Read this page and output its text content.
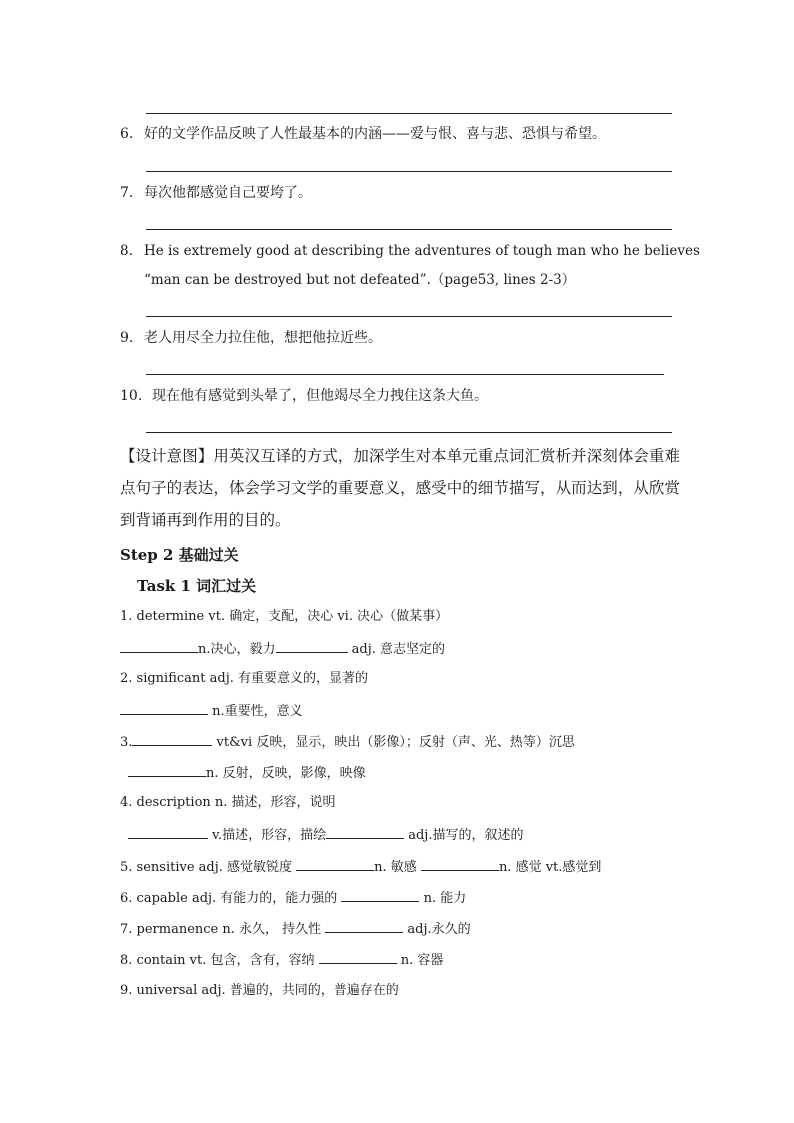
6. 好的文学作品反映了人性最基本的内涵——爱与恨、喜与悲、恐惧与希望。
7. 每次他都感觉自己要垮了。
8. He is extremely good at describing the adventures of tough man who he believes
“man can be destroyed but not defeated”.（page53, lines 2-3）
9. 老人用尽全力拉住他，想把他拉近些。
10. 现在他有感觉到头晕了，但他竭尽全力拽住这条大鱼。
【设计意图】用英汉互译的方式，加深学生对本单元重点词汇赏析并深刻体会重难点句子的表达，体会学习文学的重要意义，感受中的细节描写，从而达到，从欣赏到背诵再到作用的目的。
Step 2 基础过关
Task 1 词汇过关
1. determine vt. 确定，支配，决心 vi. 决心（做某事）
n.决心，毅力	adj. 意志坚定的
2. significant adj. 有重要意义的，显著的
n.重要性，意义
3.	vt&vi 反映，显示，映出（影像）；反射（声、光、热等）沉思
n. 反射，反映，影像，映像
4. description n. 描述，形容，说明
v.描述，形容，描绘	adj.描写的，叙述的
5. sensitive adj. 感觉敏锐度	n. 敏感	n. 感觉 vt.感觉到
6. capable adj. 有能力的，能力强的	n. 能力
7. permanence n. 永久， 持久性	adj.永久的
8. contain vt. 包含，含有，容纳	n. 容器
9. universal adj. 普遍的，共同的，普遍存在的
